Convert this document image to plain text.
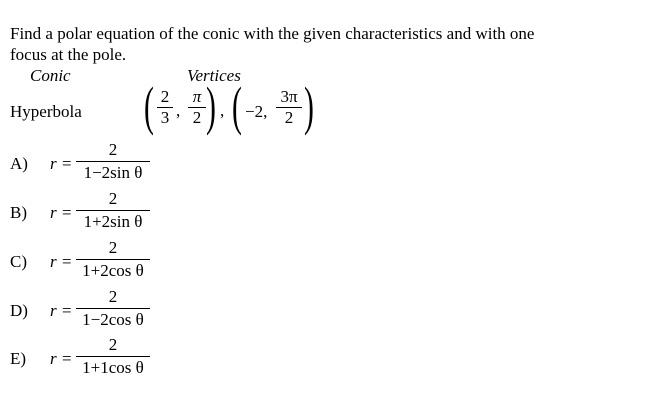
Find a polar equation of the conic with the given characteristics and with one
focus at the pole.
Conic	Vertices
Hyperbola ( 2
3 ,
π
2 ) , ( −2,
3π
2 )
A) r =
2
1−2sin θ
B) r =
2
1+2sin θ
C) r =
2
1+2cos θ
D) r =
2
1−2cos θ
E) r =
2
1+1cos θ
